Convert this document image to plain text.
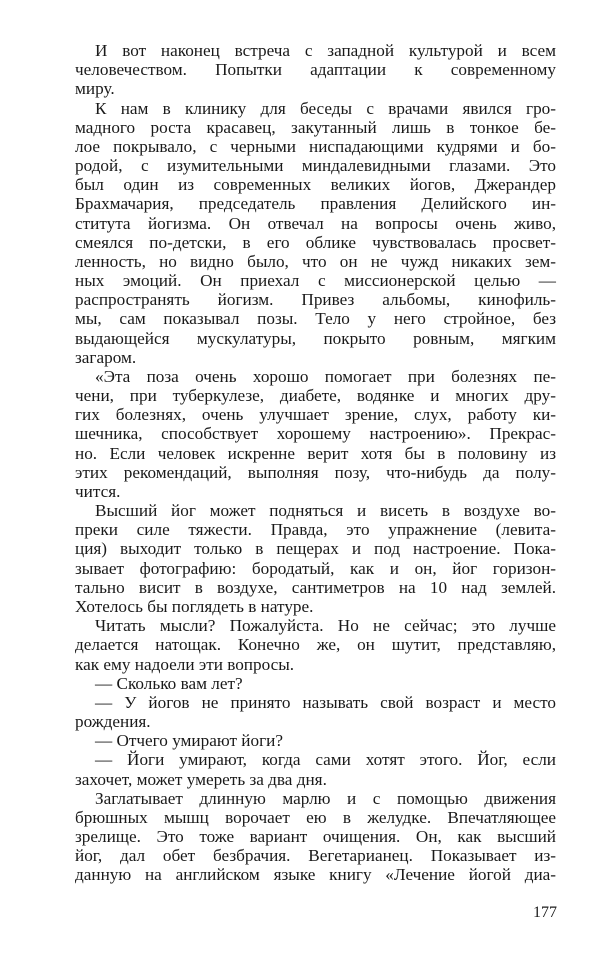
И вот наконец встреча с западной культурой и всем
человечеством. Попытки адаптации к современному
миру.
К нам в клинику для беседы с врачами явился гро-
мадного роста красавец, закутанный лишь в тонкое бе-
лое покрывало, с черными ниспадающими кудрями и бо-
родой, с изумительными миндалевидными глазами. Это
был один из современных великих йогов, Джерандер
Брахмачария, председатель правления Делийского ин-
ститута йогизма. Он отвечал на вопросы очень живо,
смеялся по-детски, в его облике чувствовалась просвет-
ленность, но видно было, что он не чужд никаких зем-
ных эмоций. Он приехал с миссионерской целью —
распространять йогизм. Привез альбомы, кинофиль-
мы, сам показывал позы. Тело у него стройное, без
выдающейся мускулатуры, покрыто ровным, мягким
загаром.
«Эта поза очень хорошо помогает при болезнях пе-
чени, при туберкулезе, диабете, водянке и многих дру-
гих болезнях, очень улучшает зрение, слух, работу ки-
шечника, способствует хорошему настроению». Прекрас-
но. Если человек искренне верит хотя бы в половину из
этих рекомендаций, выполняя позу, что-нибудь да полу-
чится.
Высший йог может подняться и висеть в воздухе во-
преки силе тяжести. Правда, это упражнение (левита-
ция) выходит только в пещерах и под настроение. Пока-
зывает фотографию: бородатый, как и он, йог горизон-
тально висит в воздухе, сантиметров на 10 над землей.
Хотелось бы поглядеть в натуре.
Читать мысли? Пожалуйста. Но не сейчас; это лучше
делается натощак. Конечно же, он шутит, представляю,
как ему надоели эти вопросы.
— Сколько вам лет?
— У йогов не принято называть свой возраст и место
рождения.
— Отчего умирают йоги?
— Йоги умирают, когда сами хотят этого. Йог, если
захочет, может умереть за два дня.
Заглатывает длинную марлю и с помощью движения
брюшных мышц ворочает ею в желудке. Впечатляющее
зрелище. Это тоже вариант очищения. Он, как высший
йог, дал обет безбрачия. Вегетарианец. Показывает из-
данную на английском языке книгу «Лечение йогой диа-
177
